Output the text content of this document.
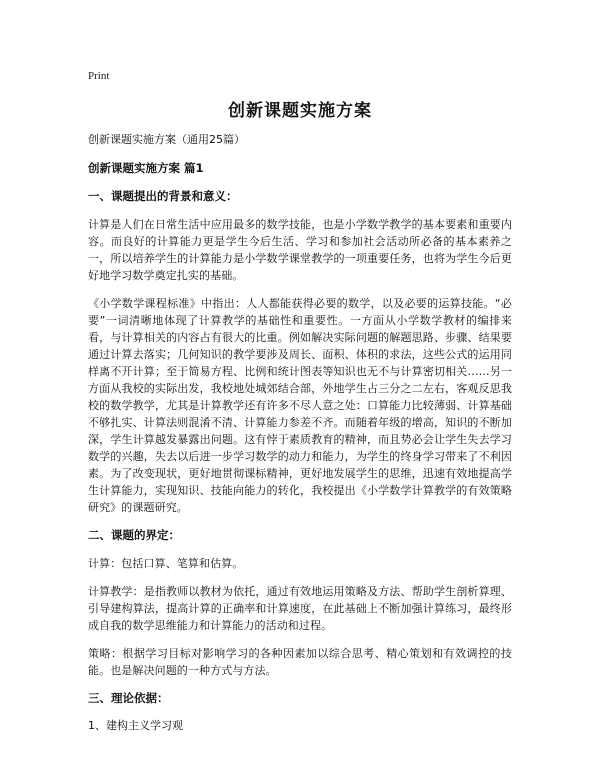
Print
创新课题实施方案

创新课题实施方案（通用25篇）

创新课题实施方案 篇1

一、课题提出的背景和意义：

计算是人们在日常生活中应用最多的数学技能，也是小学数学教学的基本要素和重要内容。而良好的计算能力更是学生今后生活、学习和参加社会活动所必备的基本素养之一，所以培养学生的计算能力是小学数学课堂教学的一项重要任务，也将为学生今后更好地学习数学奠定扎实的基础。

《小学数学课程标准》中指出：人人都能获得必要的数学，以及必要的运算技能。“必要”一词清晰地体现了计算教学的基础性和重要性。一方面从小学数学教材的编排来看，与计算相关的内容占有很大的比重。例如解决实际问题的解题思路、步骤、结果要通过计算去落实；几何知识的教学要涉及周长、面积、体积的求法，这些公式的运用同样离不开计算；至于简易方程、比例和统计图表等知识也无不与计算密切相关……另一方面从我校的实际出发，我校地处城郊结合部，外地学生占三分之二左右，客观反思我校的数学教学，尤其是计算教学还有许多不尽人意之处：口算能力比较薄弱、计算基础不够扎实、计算法则混淆不清、计算能力参差不齐。而随着年级的增高，知识的不断加深，学生计算越发暴露出问题。这有悖于素质教育的精神，而且势必会让学生失去学习数学的兴趣，失去以后进一步学习数学的动力和能力，为学生的终身学习带来了不利因素。为了改变现状，更好地贯彻课标精神，更好地发展学生的思维，迅速有效地提高学生计算能力，实现知识、技能向能力的转化，我校提出《小学数学计算教学的有效策略研究》的课题研究。

二、课题的界定：

计算：包括口算、笔算和估算。

计算教学：是指教师以教材为依托，通过有效地运用策略及方法、帮助学生剖析算理、引导建构算法，提高计算的正确率和计算速度，在此基础上不断加强计算练习，最终形成自我的数学思维能力和计算能力的活动和过程。

策略：根据学习目标对影响学习的各种因素加以综合思考、精心策划和有效调控的技能。也是解决问题的一种方式与方法。

三、理论依据：

1、建构主义学习观
